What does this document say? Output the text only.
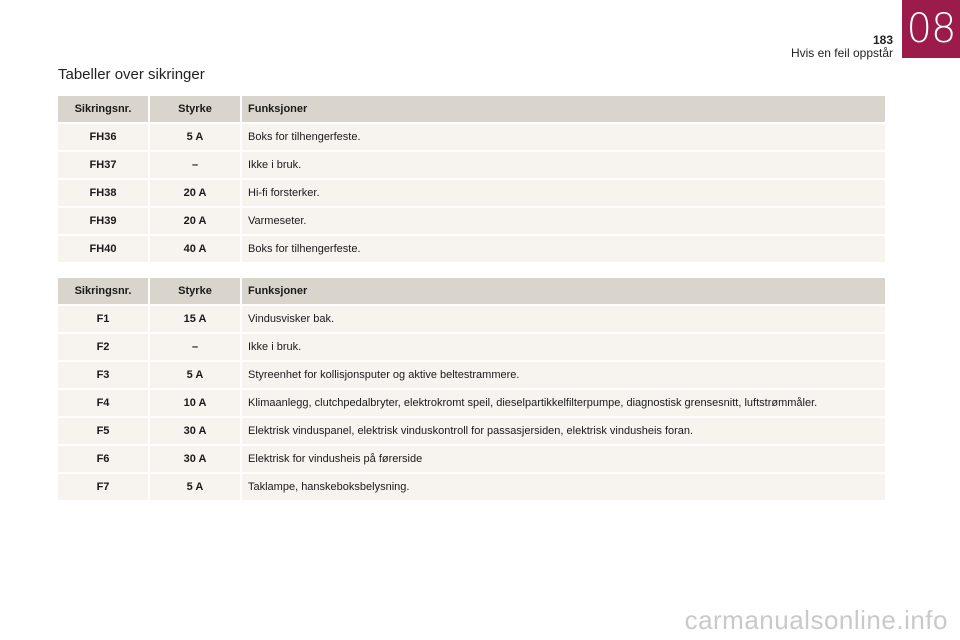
183
Hvis en feil oppstår
08
Tabeller over sikringer
Sikringsnr.	Styrke	Funksjoner
FH36	5 A	Boks for tilhengerfeste.
FH37	–	Ikke i bruk.
FH38	20 A	Hi-fi forsterker.
FH39	20 A	Varmeseter.
FH40	40 A	Boks for tilhengerfeste.
Sikringsnr.	Styrke	Funksjoner
F1	15 A	Vindusvisker bak.
F2	–	Ikke i bruk.
F3	5 A	Styreenhet for kollisjonsputer og aktive beltestrammere.
F4	10 A	Klimaanlegg, clutchpedalbryter, elektrokromt speil, dieselpartikkelfilterpumpe, diagnostisk grensesnitt, luftstrømmåler.
F5	30 A	Elektrisk vinduspanel, elektrisk vinduskontroll for passasjersiden, elektrisk vindusheis foran.
F6	30 A	Elektrisk for vindusheis på førerside
F7	5 A	Taklampe, hanskeboksbelysning.
carmanualsonline.info
